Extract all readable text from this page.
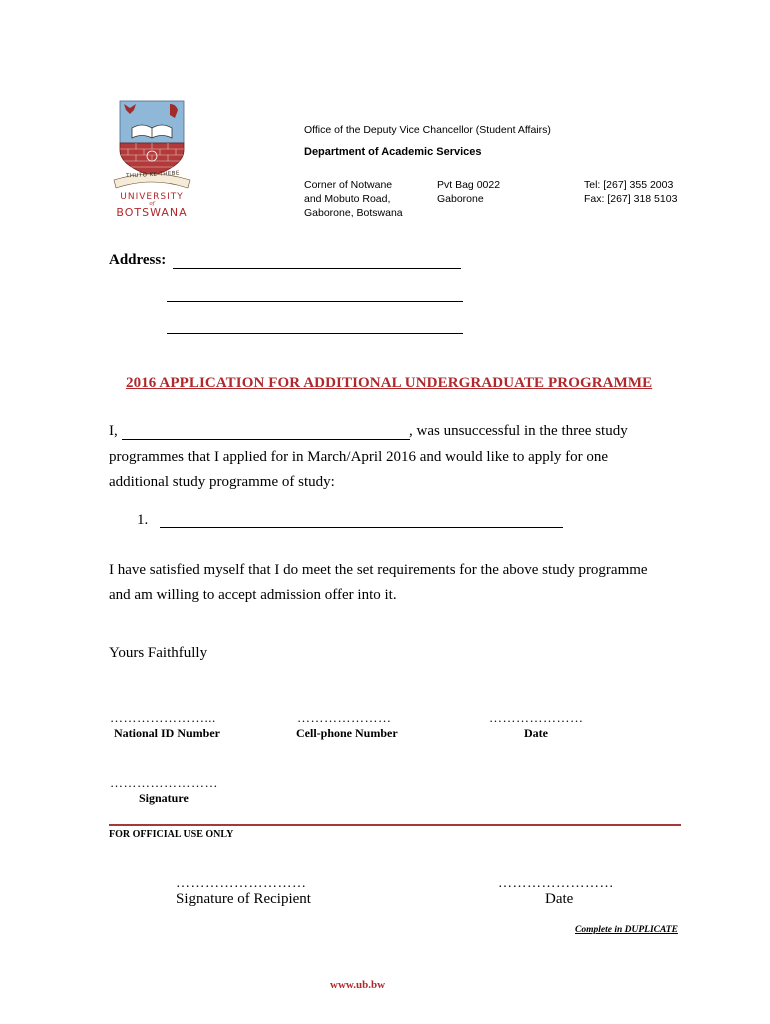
THUTO KE THEBE
UNIVERSITY
of
BOTSWANA
Office of the Deputy Vice Chancellor (Student Affairs)
Department of Academic Services
Corner of Notwane
and Mobuto Road,
Gaborone, Botswana
Pvt Bag 0022
Gaborone
Tel: [267] 355 2003
Fax: [267] 318 5103
Address:
2016 APPLICATION FOR ADDITIONAL UNDERGRADUATE PROGRAMME
I,	, was unsuccessful in the three study
programmes that I applied for in March/April 2016 and would like to apply for one
additional study programme of study:
1.
I have satisfied myself that I do meet the set requirements for the above study programme
and am willing to accept admission offer into it.
Yours Faithfully
…………………...
National ID Number
…………………
Cell-phone Number
…………………
Date
……………………
Signature
FOR OFFICIAL USE ONLY
………………………
Signature of Recipient
……………………
Date
Complete in DUPLICATE
www.ub.bw
